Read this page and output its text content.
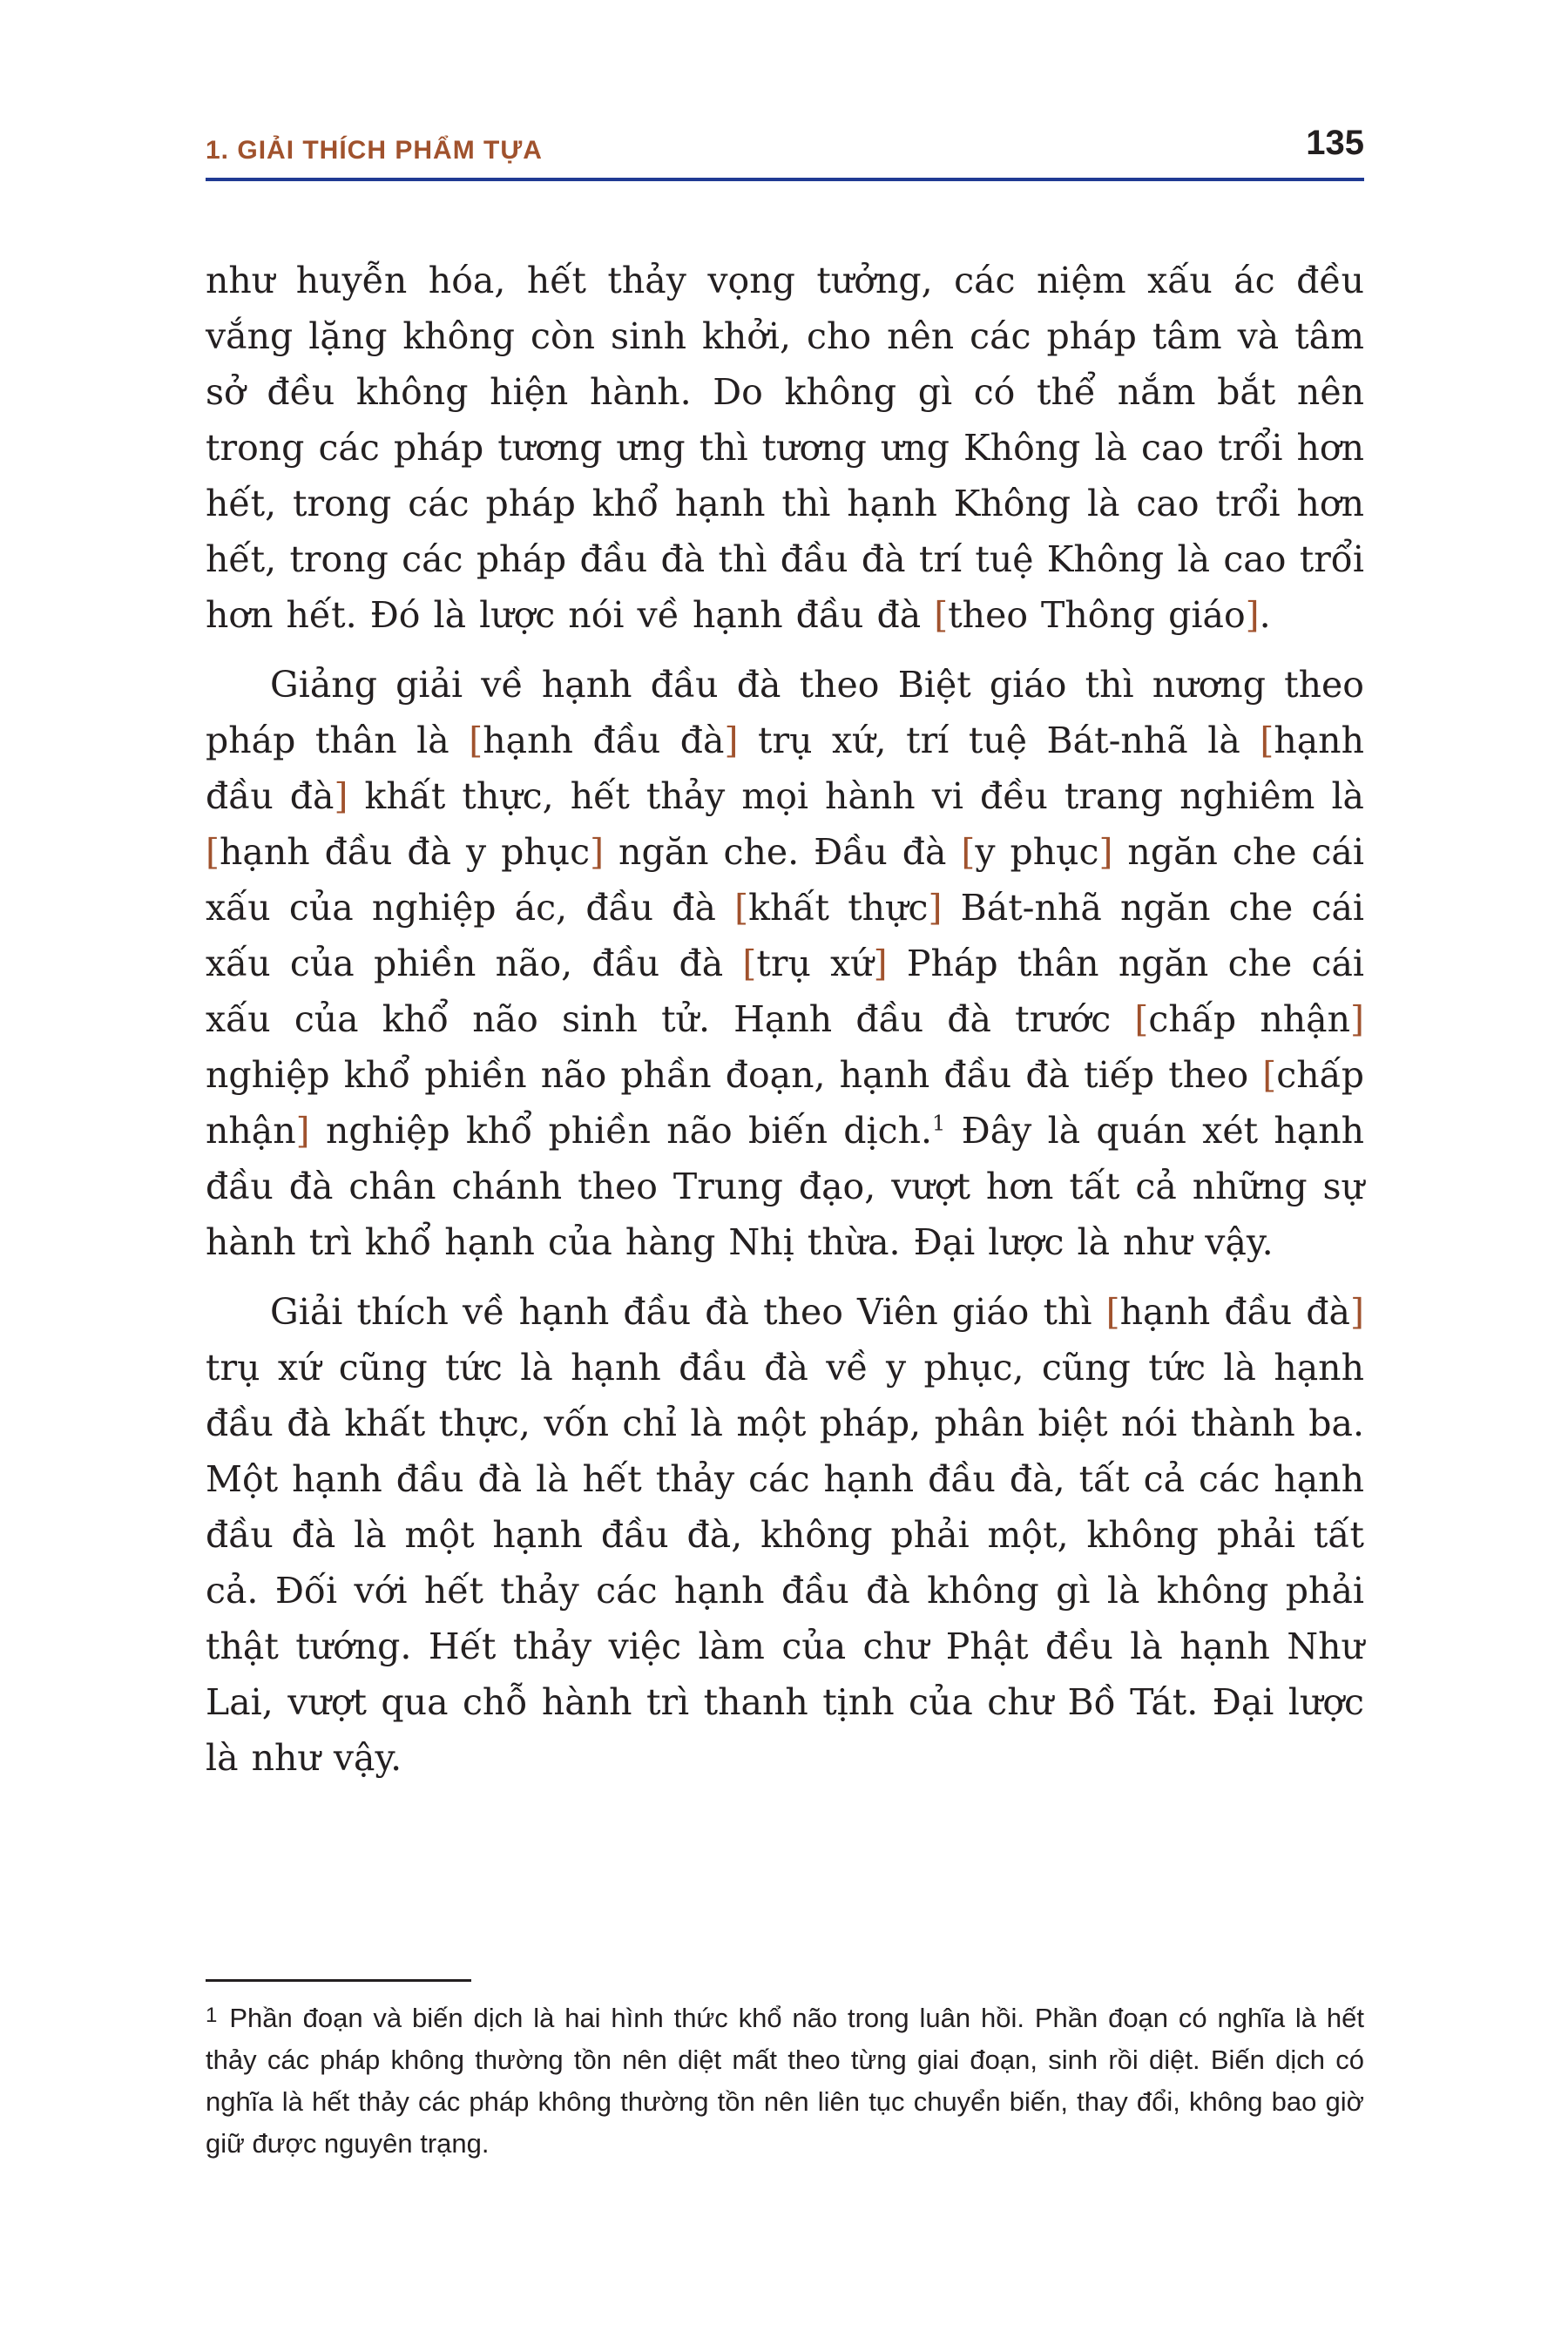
1. GIẢI THÍCH PHẨM TỰA	135

như huyễn hóa, hết thảy vọng tưởng, các niệm xấu ác đều vắng lặng không còn sinh khởi, cho nên các pháp tâm và tâm sở đều không hiện hành. Do không gì có thể nắm bắt nên trong các pháp tương ưng thì tương ưng Không là cao trổi hơn hết, trong các pháp khổ hạnh thì hạnh Không là cao trổi hơn hết, trong các pháp đầu đà thì đầu đà trí tuệ Không là cao trổi hơn hết. Đó là lược nói về hạnh đầu đà [theo Thông giáo].

Giảng giải về hạnh đầu đà theo Biệt giáo thì nương theo pháp thân là [hạnh đầu đà] trụ xứ, trí tuệ Bát-nhã là [hạnh đầu đà] khất thực, hết thảy mọi hành vi đều trang nghiêm là [hạnh đầu đà y phục] ngăn che. Đầu đà [y phục] ngăn che cái xấu của nghiệp ác, đầu đà [khất thực] Bát-nhã ngăn che cái xấu của phiền não, đầu đà [trụ xứ] Pháp thân ngăn che cái xấu của khổ não sinh tử. Hạnh đầu đà trước [chấp nhận] nghiệp khổ phiền não phần đoạn, hạnh đầu đà tiếp theo [chấp nhận] nghiệp khổ phiền não biến dịch.$^1$ Đây là quán xét hạnh đầu đà chân chánh theo Trung đạo, vượt hơn tất cả những sự hành trì khổ hạnh của hàng Nhị thừa. Đại lược là như vậy.

Giải thích về hạnh đầu đà theo Viên giáo thì [hạnh đầu đà] trụ xứ cũng tức là hạnh đầu đà về y phục, cũng tức là hạnh đầu đà khất thực, vốn chỉ là một pháp, phân biệt nói thành ba. Một hạnh đầu đà là hết thảy các hạnh đầu đà, tất cả các hạnh đầu đà là một hạnh đầu đà, không phải một, không phải tất cả. Đối với hết thảy các hạnh đầu đà không gì là không phải thật tướng. Hết thảy việc làm của chư Phật đều là hạnh Như Lai, vượt qua chỗ hành trì thanh tịnh của chư Bồ Tát. Đại lược là như vậy.

1 Phần đoạn và biến dịch là hai hình thức khổ não trong luân hồi. Phần đoạn có nghĩa là hết thảy các pháp không thường tồn nên diệt mất theo từng giai đoạn, sinh rồi diệt. Biến dịch có nghĩa là hết thảy các pháp không thường tồn nên liên tục chuyển biến, thay đổi, không bao giờ giữ được nguyên trạng.
